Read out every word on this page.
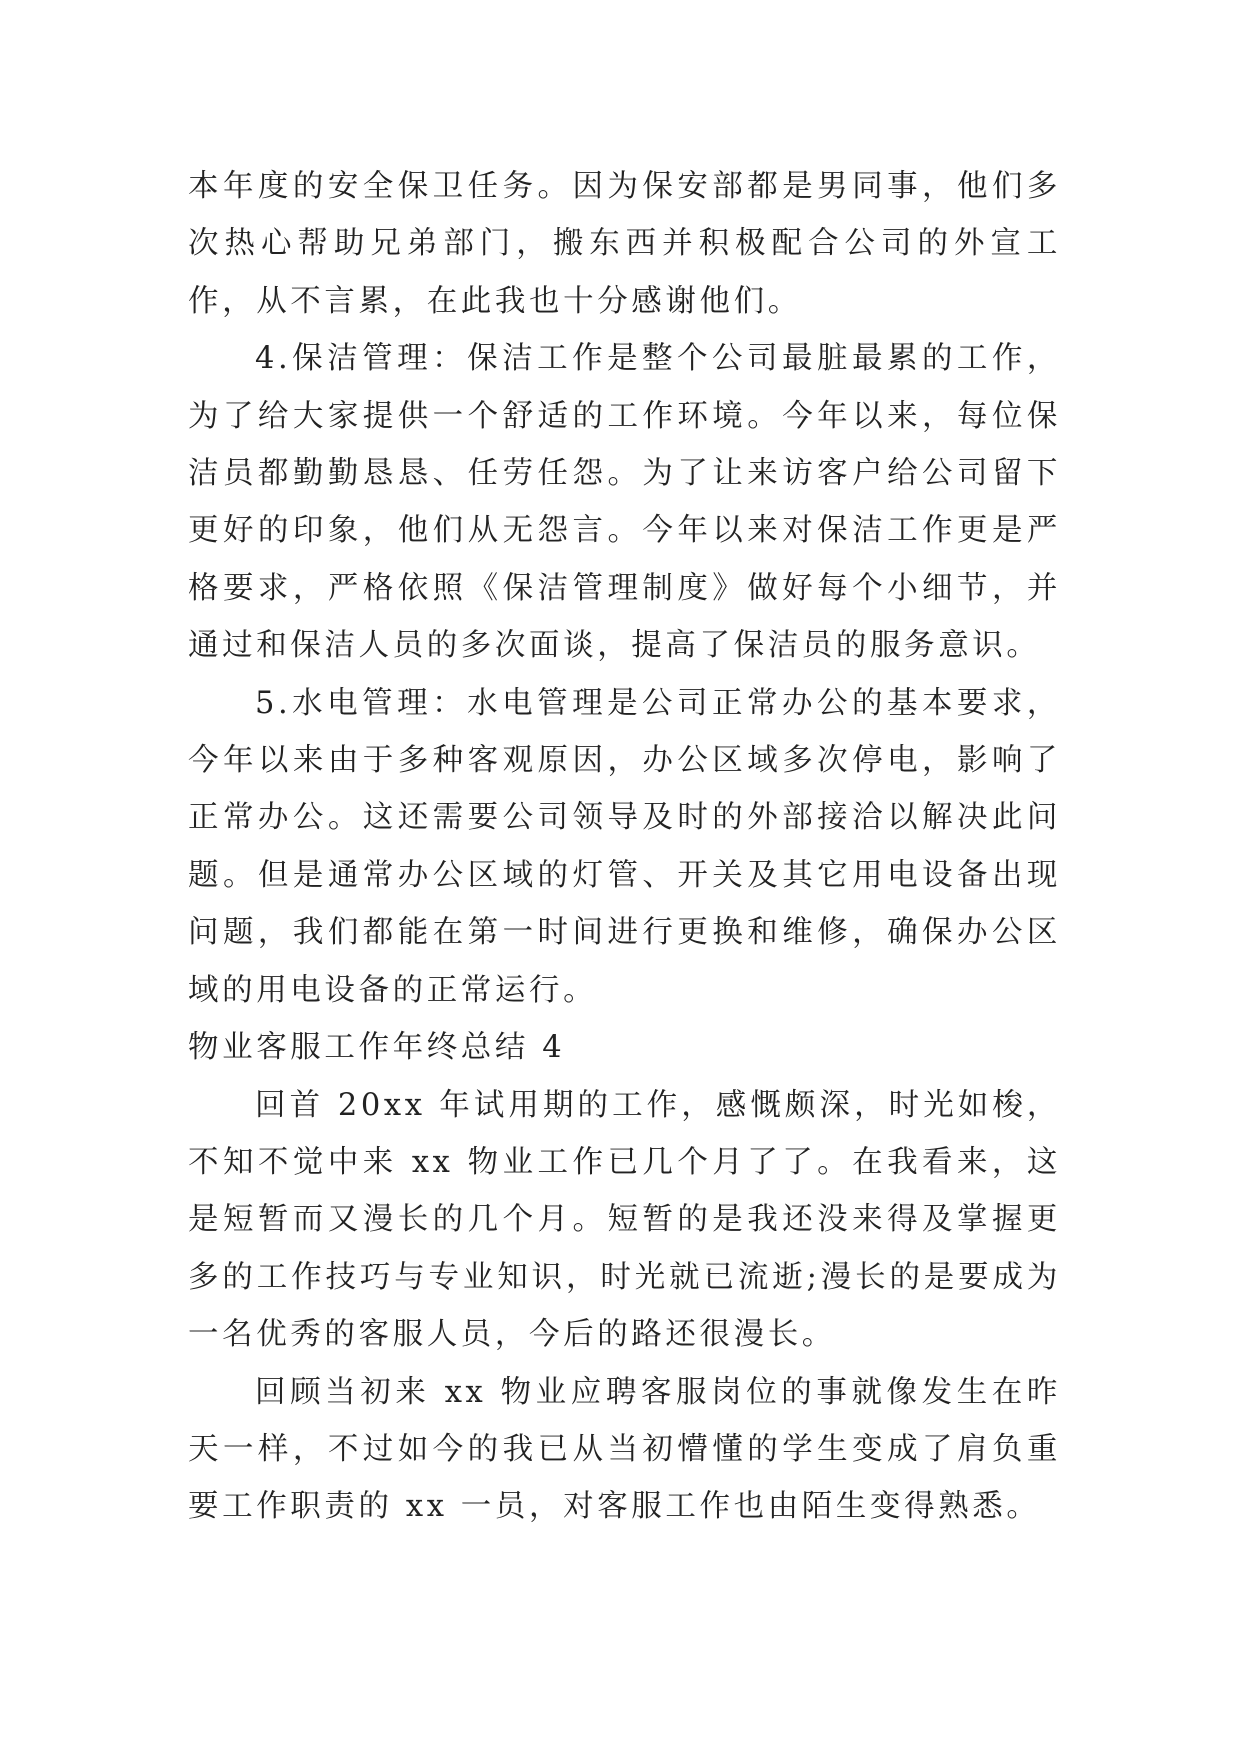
本年度的安全保卫任务。因为保安部都是男同事，他们多次热心帮助兄弟部门，搬东西并积极配合公司的外宣工作，从不言累，在此我也十分感谢他们。

4.保洁管理：保洁工作是整个公司最脏最累的工作，为了给大家提供一个舒适的工作环境。今年以来，每位保洁员都勤勤恳恳、任劳任怨。为了让来访客户给公司留下更好的印象，他们从无怨言。今年以来对保洁工作更是严格要求，严格依照《保洁管理制度》做好每个小细节，并通过和保洁人员的多次面谈，提高了保洁员的服务意识。

5.水电管理：水电管理是公司正常办公的基本要求，今年以来由于多种客观原因，办公区域多次停电，影响了正常办公。这还需要公司领导及时的外部接洽以解决此问题。但是通常办公区域的灯管、开关及其它用电设备出现问题，我们都能在第一时间进行更换和维修，确保办公区域的用电设备的正常运行。

物业客服工作年终总结 4

回首 20xx 年试用期的工作，感慨颇深，时光如梭，不知不觉中来 xx 物业工作已几个月了了。在我看来，这是短暂而又漫长的几个月。短暂的是我还没来得及掌握更多的工作技巧与专业知识，时光就已流逝;漫长的是要成为一名优秀的客服人员，今后的路还很漫长。

回顾当初来 xx 物业应聘客服岗位的事就像发生在昨天一样，不过如今的我已从当初懵懂的学生变成了肩负重要工作职责的 xx 一员，对客服工作也由陌生变得熟悉。
